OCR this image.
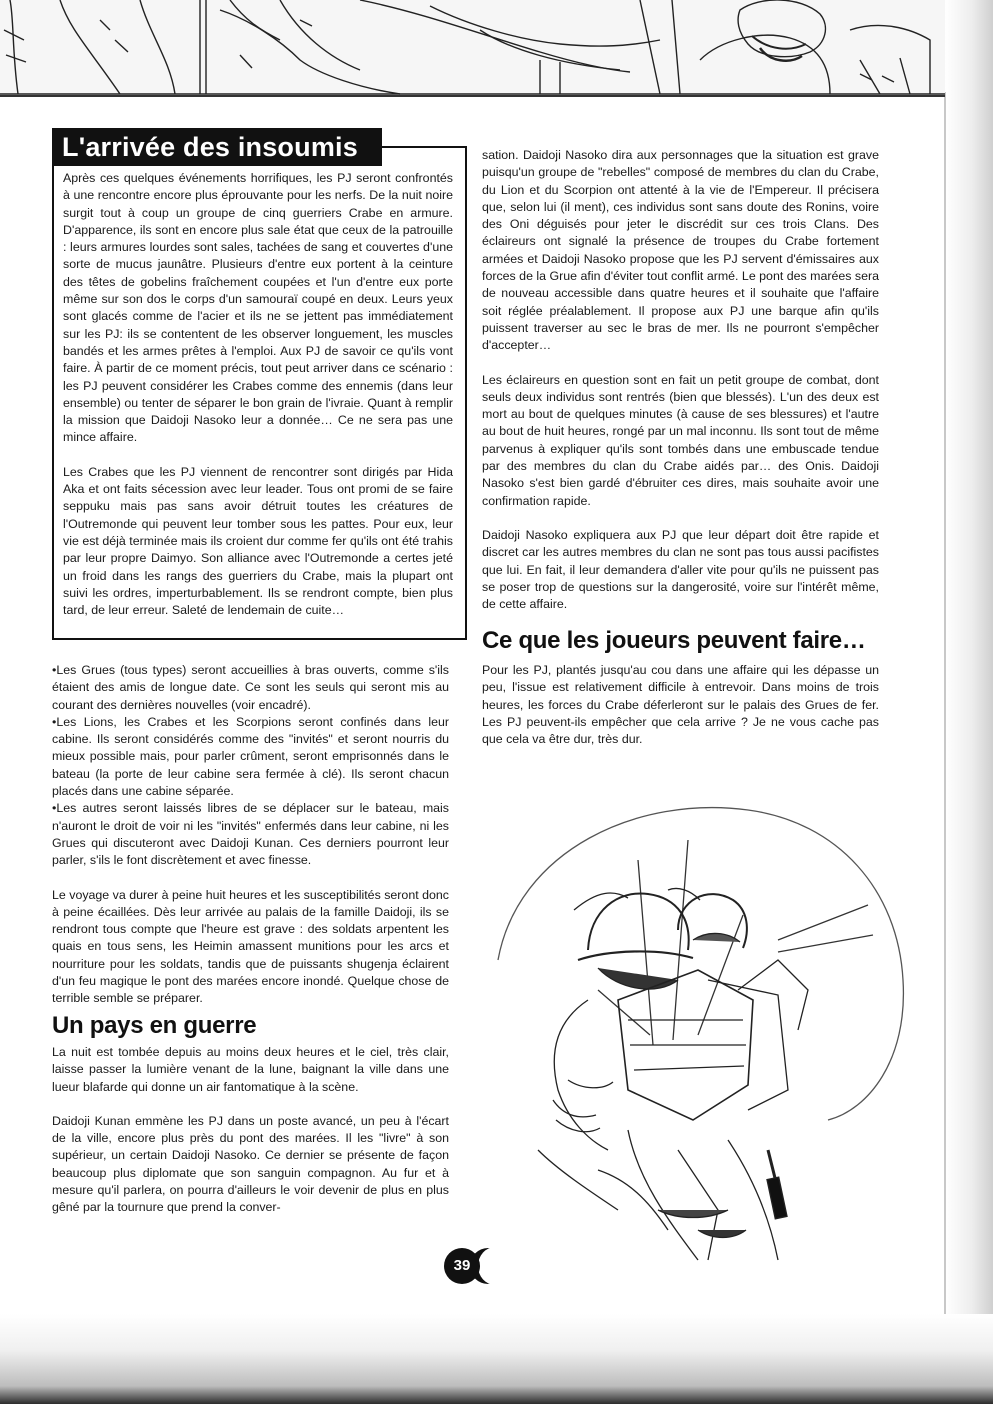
L'arrivée des insoumis

Après ces quelques événements horrifiques, les PJ seront confrontés à une rencontre encore plus éprouvante pour les nerfs. De la nuit noire surgit tout à coup un groupe de cinq guerriers Crabe en armure. D'apparence, ils sont en encore plus sale état que ceux de la patrouille : leurs armures lourdes sont sales, tachées de sang et couvertes d'une sorte de mucus jaunâtre. Plusieurs d'entre eux portent à la ceinture des têtes de gobelins fraîchement coupées et l'un d'entre eux porte même sur son dos le corps d'un samouraï coupé en deux. Leurs yeux sont glacés comme de l'acier et ils ne se jettent pas immédiatement sur les PJ: ils se contentent de les observer longuement, les muscles bandés et les armes prêtes à l'emploi. Aux PJ de savoir ce qu'ils vont faire. À partir de ce moment précis, tout peut arriver dans ce scénario : les PJ peuvent considérer les Crabes comme des ennemis (dans leur ensemble) ou tenter de séparer le bon grain de l'ivraie. Quant à remplir la mission que Daidoji Nasoko leur a donnée… Ce ne sera pas une mince affaire.

Les Crabes que les PJ viennent de rencontrer sont dirigés par Hida Aka et ont faits sécession avec leur leader. Tous ont promi de se faire seppuku mais pas sans avoir détruit toutes les créatures de l'Outremonde qui peuvent leur tomber sous les pattes. Pour eux, leur vie est déjà terminée mais ils croient dur comme fer qu'ils ont été trahis par leur propre Daimyo. Son alliance avec l'Outremonde a certes jeté un froid dans les rangs des guerriers du Crabe, mais la plupart ont suivi les ordres, imperturbablement. Ils se rendront compte, bien plus tard, de leur erreur. Saleté de lendemain de cuite…

•Les Grues (tous types) seront accueillies à bras ouverts, comme s'ils étaient des amis de longue date. Ce sont les seuls qui seront mis au courant des dernières nouvelles (voir encadré).
•Les Lions, les Crabes et les Scorpions seront confinés dans leur cabine. Ils seront considérés comme des "invités" et seront nourris du mieux possible mais, pour parler crûment, seront emprisonnés dans le bateau (la porte de leur cabine sera fermée à clé). Ils seront chacun placés dans une cabine séparée.

•Les autres seront laissés libres de se déplacer sur le bateau, mais n'auront le droit de voir ni les "invités" enfermés dans leur cabine, ni les Grues qui discuteront avec Daidoji Kunan. Ces derniers pourront leur parler, s'ils le font discrètement et avec finesse.

Le voyage va durer à peine huit heures et les susceptibilités seront donc à peine écaillées. Dès leur arrivée au palais de la famille Daidoji, ils se rendront tous compte que l'heure est grave : des soldats arpentent les quais en tous sens, les Heimin amassent munitions pour les arcs et nourriture pour les soldats, tandis que de puissants shugenja éclairent d'un feu magique le pont des marées encore inondé. Quelque chose de terrible semble se préparer.

Un pays en guerre

La nuit est tombée depuis au moins deux heures et le ciel, très clair, laisse passer la lumière venant de la lune, baignant la ville dans une lueur blafarde qui donne un air fantomatique à la scène.

Daidoji Kunan emmène les PJ dans un poste avancé, un peu à l'écart de la ville, encore plus près du pont des marées. Il les "livre" à son supérieur, un certain Daidoji Nasoko. Ce dernier se présente de façon beaucoup plus diplomate que son sanguin compagnon. Au fur et à mesure qu'il parlera, on pourra d'ailleurs le voir devenir de plus en plus gêné par la tournure que prend la conver-

sation. Daidoji Nasoko dira aux personnages que la situation est grave puisqu'un groupe de "rebelles" composé de membres du clan du Crabe, du Lion et du Scorpion ont attenté à la vie de l'Empereur. Il précisera que, selon lui (il ment), ces individus sont sans doute des Ronins, voire des Oni déguisés pour jeter le discrédit sur ces trois Clans. Des éclaireurs ont signalé la présence de troupes du Crabe fortement armées et Daidoji Nasoko propose que les PJ servent d'émissaires aux forces de la Grue afin d'éviter tout conflit armé. Le pont des marées sera de nouveau accessible dans quatre heures et il souhaite que l'affaire soit réglée préalablement. Il propose aux PJ une barque afin qu'ils puissent traverser au sec le bras de mer. Ils ne pourront s'empêcher d'accepter…

Les éclaireurs en question sont en fait un petit groupe de combat, dont seuls deux individus sont rentrés (bien que blessés). L'un des deux est mort au bout de quelques minutes (à cause de ses blessures) et l'autre au bout de huit heures, rongé par un mal inconnu. Ils sont tout de même parvenus à expliquer qu'ils sont tombés dans une embuscade tendue par des membres du clan du Crabe aidés par… des Onis. Daidoji Nasoko s'est bien gardé d'ébruiter ces dires, mais souhaite avoir une confirmation rapide.

Daidoji Nasoko expliquera aux PJ que leur départ doit être rapide et discret car les autres membres du clan ne sont pas tous aussi pacifistes que lui. En fait, il leur demandera d'aller vite pour qu'ils ne puissent pas se poser trop de questions sur la dangerosité, voire sur l'intérêt même, de cette affaire.

Ce que les joueurs peuvent faire…

Pour les PJ, plantés jusqu'au cou dans une affaire qui les dépasse un peu, l'issue est relativement difficile à entrevoir. Dans moins de trois heures, les forces du Crabe déferleront sur le palais des Grues de fer. Les PJ peuvent-ils empêcher que cela arrive ? Je ne vous cache pas que cela va être dur, très dur.

39
